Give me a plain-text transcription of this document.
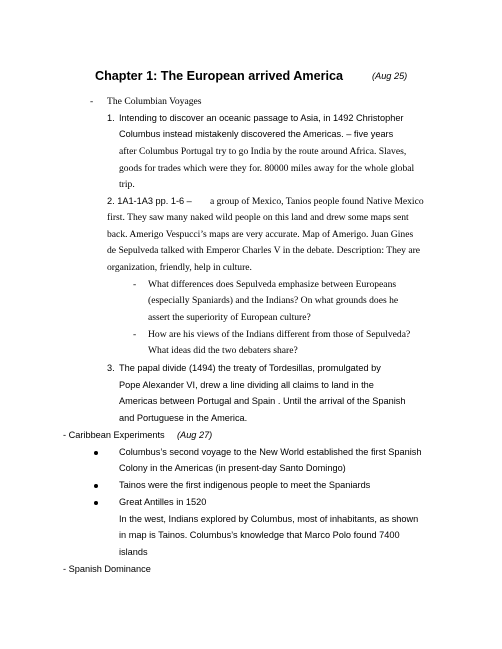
Chapter 1: The European arrived America	(Aug 25)
- The Columbian Voyages
1. Intending to discover an oceanic passage to Asia, in 1492 Christopher
Columbus instead mistakenly discovered the Americas. – five years
after Columbus Portugal try to go India by the route around Africa. Slaves,
goods for trades which were they for. 80000 miles away for the whole global
trip.
2. 1A1-1A3 pp. 1-6 – a group of Mexico, Tanios people found Native Mexico
first. They saw many naked wild people on this land and drew some maps sent
back. Amerigo Vespucci’s maps are very accurate. Map of Amerigo. Juan Gines
de Sepulveda talked with Emperor Charles V in the debate. Description: They are
organization, friendly, help in culture.
- What differences does Sepulveda emphasize between Europeans
(especially Spaniards) and the Indians? On what grounds does he
assert the superiority of European culture?
- How are his views of the Indians different from those of Sepulveda?
What ideas did the two debaters share?
3. The papal divide (1494) the treaty of Tordesillas, promulgated by
Pope Alexander VI, drew a line dividing all claims to land in the
Americas between Portugal and Spain . Until the arrival of the Spanish
and Portuguese in the America.
- Caribbean Experiments (Aug 27)
Columbus’s second voyage to the New World established the first Spanish
Colony in the Americas (in present-day Santo Domingo)
Tainos were the first indigenous people to meet the Spaniards
Great Antilles in 1520
In the west, Indians explored by Columbus, most of inhabitants, as shown
in map is Tainos. Columbus’s knowledge that Marco Polo found 7400
islands
- Spanish Dominance
